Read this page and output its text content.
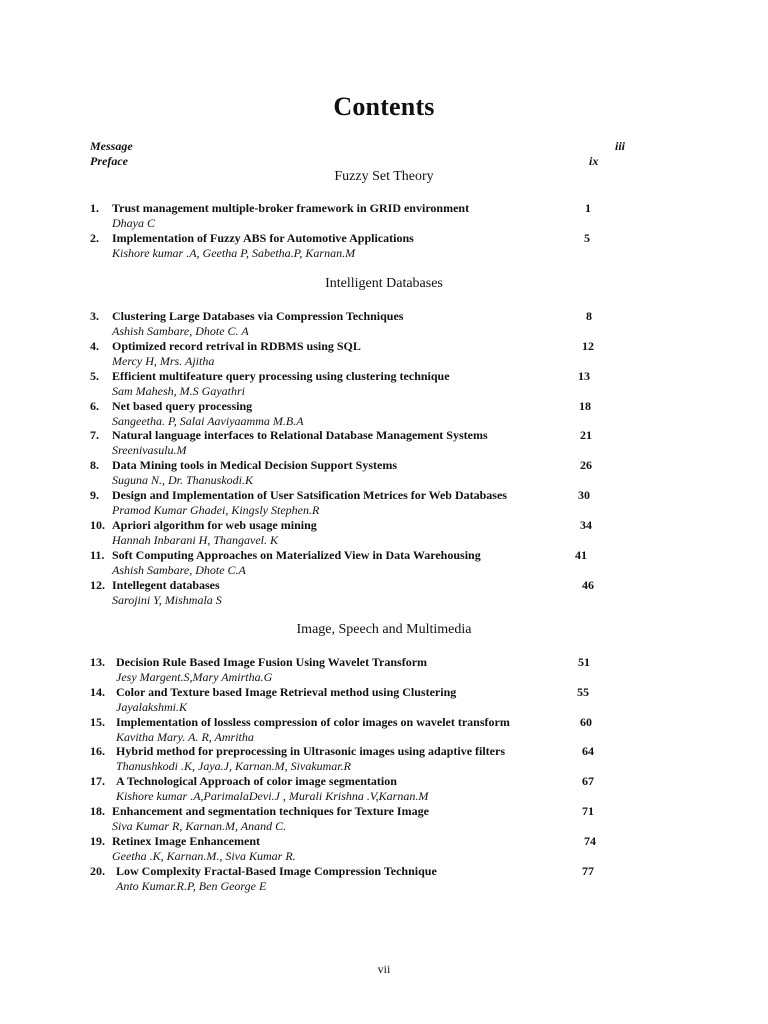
Contents
Message	iii
Preface	ix
Fuzzy Set Theory
1. Trust management multiple-broker framework in GRID environment
Dhaya C
1
2. Implementation of Fuzzy ABS for Automotive Applications
Kishore kumar .A, Geetha P, Sabetha.P, Karnan.M
5
Intelligent Databases
3. Clustering Large Databases via Compression Techniques
Ashish Sambare, Dhote C. A
8
4. Optimized record retrival in RDBMS using SQL
Mercy H, Mrs. Ajitha
12
5. Efficient multifeature query processing using clustering technique
Sam Mahesh, M.S Gayathri
13
6. Net based query processing
Sangeetha. P, Salai Aaviyaamma M.B.A
18
7. Natural language interfaces to Relational Database Management Systems
Sreenivasulu.M
21
8. Data Mining tools in Medical Decision Support Systems
Suguna N., Dr. Thanuskodi.K
26
9. Design and Implementation of User Satsification Metrices for Web Databases
Pramod Kumar Ghadei, Kingsly Stephen.R
30
10. Apriori algorithm for web usage mining
Hannah Inbarani H, Thangavel. K
34
11. Soft Computing Approaches on Materialized View in Data Warehousing
Ashish Sambare, Dhote C.A
41
12. Intellegent databases
Sarojini Y, Mishmala S
46
Image, Speech and Multimedia
13. Decision Rule Based Image Fusion Using Wavelet Transform
Jesy Margent.S,Mary Amirtha.G
51
14. Color and Texture based Image Retrieval method using Clustering
Jayalakshmi.K
55
15. Implementation of lossless compression of color images on wavelet transform
Kavitha Mary. A. R, Amritha
60
16. Hybrid method for preprocessing in Ultrasonic images using adaptive filters
Thanushkodi .K, Jaya.J, Karnan.M, Sivakumar.R
64
17. A Technological Approach of color image segmentation
Kishore kumar .A,ParimalaDevi.J , Murali Krishna .V,Karnan.M
67
18. Enhancement and segmentation techniques for Texture Image
Siva Kumar R, Karnan.M, Anand C.
71
19. Retinex Image Enhancement
Geetha .K, Karnan.M., Siva Kumar R.
74
20. Low Complexity Fractal-Based Image Compression Technique
Anto Kumar.R.P, Ben George E
77
vii
